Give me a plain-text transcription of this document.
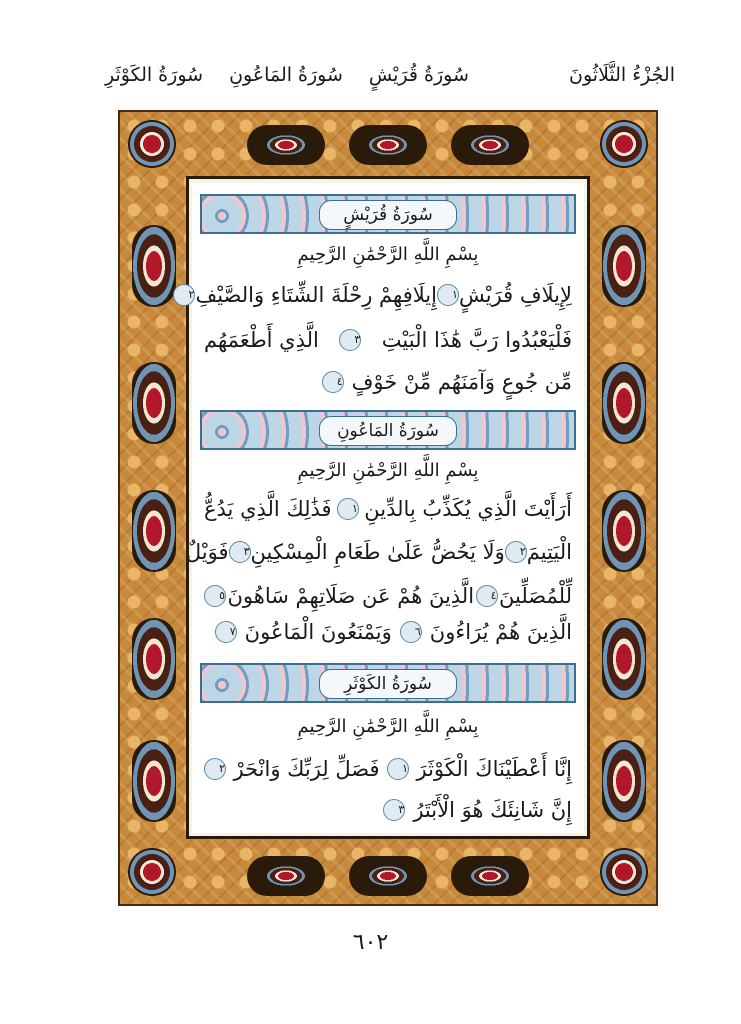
الجُزْءُ الثَّلَاثُونَ
سُورَةُ قُرَيْشٍ
سُورَةُ المَاعُونِ
سُورَةُ الكَوْثَرِ
سُورَةُ قُرَيْشٍ
بِسْمِ اللَّهِ الرَّحْمَٰنِ الرَّحِيمِ
لِإِيلَافِ قُرَيْشٍ
١
إِيلَافِهِمْ رِحْلَةَ الشِّتَاءِ وَالصَّيْفِ
٢
فَلْيَعْبُدُوا رَبَّ هَٰذَا الْبَيْتِ
٣
الَّذِي أَطْعَمَهُم
مِّن جُوعٍ وَآمَنَهُم مِّنْ خَوْفٍ
٤
سُورَةُ المَاعُونِ
بِسْمِ اللَّهِ الرَّحْمَٰنِ الرَّحِيمِ
أَرَأَيْتَ الَّذِي يُكَذِّبُ بِالدِّينِ
١
فَذَٰلِكَ الَّذِي يَدُعُّ
الْيَتِيمَ
٢
وَلَا يَحُضُّ عَلَىٰ طَعَامِ الْمِسْكِينِ
٣
فَوَيْلٌ
لِّلْمُصَلِّينَ
٤
الَّذِينَ هُمْ عَن صَلَاتِهِمْ سَاهُونَ
٥
الَّذِينَ هُمْ يُرَاءُونَ
٦
وَيَمْنَعُونَ الْمَاعُونَ
٧
سُورَةُ الكَوْثَرِ
بِسْمِ اللَّهِ الرَّحْمَٰنِ الرَّحِيمِ
إِنَّا أَعْطَيْنَاكَ الْكَوْثَرَ
١
فَصَلِّ لِرَبِّكَ وَانْحَرْ
٢
إِنَّ شَانِئَكَ هُوَ الْأَبْتَرُ
٣
٦٠٢
